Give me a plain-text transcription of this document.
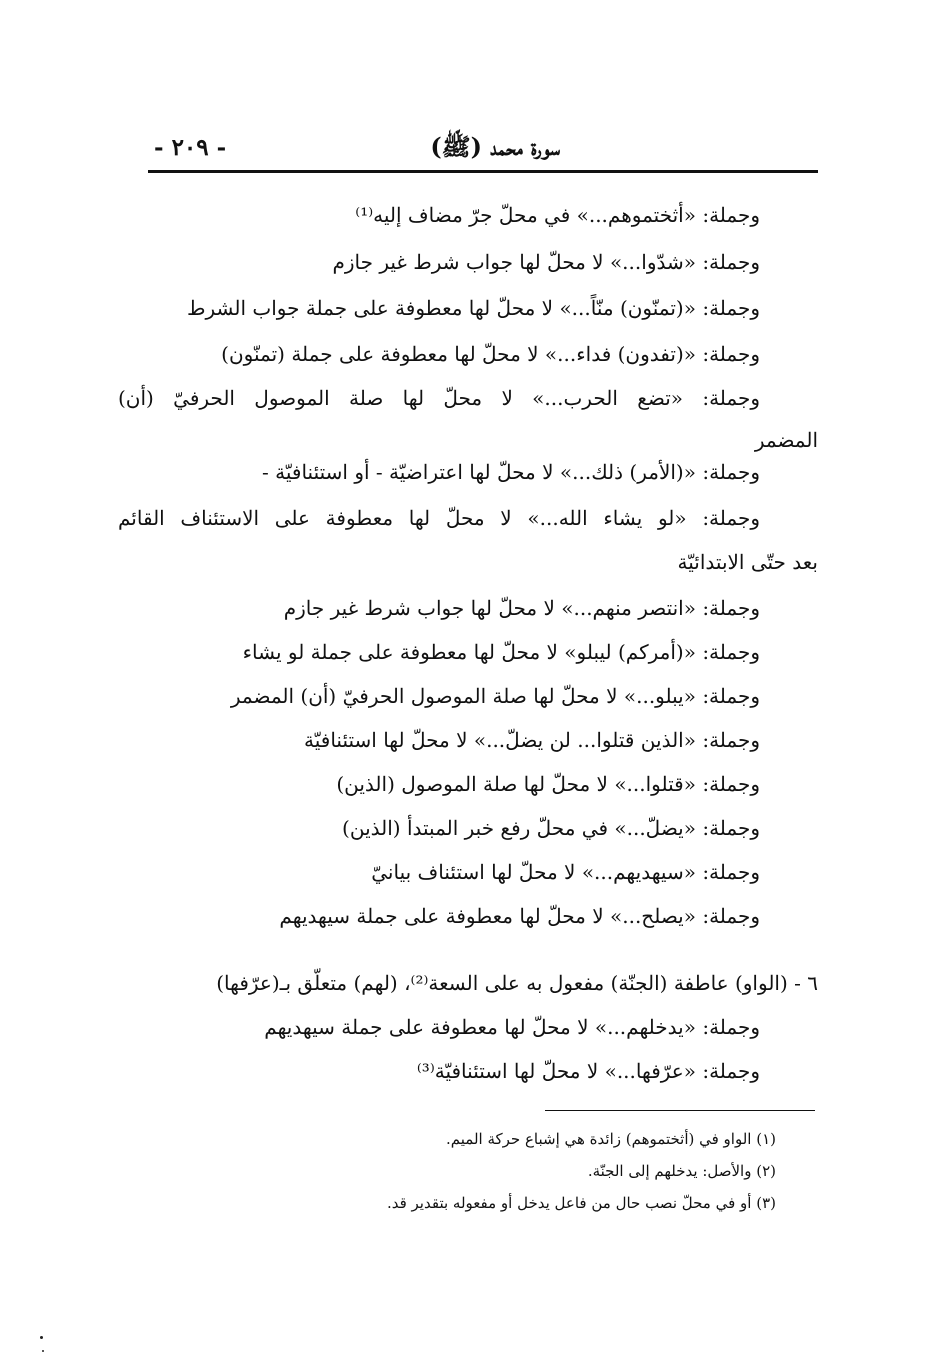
سورة محمد (ﷺ)
- ٢٠٩ -
وجملة: «أثختموهم...» في محلّ جرّ مضاف إليه⁽¹⁾
وجملة: «شدّوا...» لا محلّ لها جواب شرط غير جازم
وجملة: «(تمنّون) منّاً...» لا محلّ لها معطوفة على جملة جواب الشرط
وجملة: «(تفدون) فداء...» لا محلّ لها معطوفة على جملة (تمنّون)
وجملة: «تضع الحرب...» لا محلّ لها صلة الموصول الحرفيّ (أن)
المضمر
وجملة: «(الأمر) ذلك...» لا محلّ لها اعتراضيّة - أو استئنافيّة -
وجملة: «لو يشاء الله...» لا محلّ لها معطوفة على الاستئناف القائم
بعد حتّى الابتدائيّة
وجملة: «انتصر منهم...» لا محلّ لها جواب شرط غير جازم
وجملة: «(أمركم) ليبلو» لا محلّ لها معطوفة على جملة لو يشاء
وجملة: «يبلو...» لا محلّ لها صلة الموصول الحرفيّ (أن) المضمر
وجملة: «الذين قتلوا... لن يضلّ...» لا محلّ لها استئنافيّة
وجملة: «قتلوا...» لا محلّ لها صلة الموصول (الذين)
وجملة: «يضلّ...» في محلّ رفع خبر المبتدأ (الذين)
وجملة: «سيهديهم...» لا محلّ لها استئناف بيانيّ
وجملة: «يصلح...» لا محلّ لها معطوفة على جملة سيهديهم
٦ - (الواو) عاطفة (الجنّة) مفعول به على السعة⁽²⁾، (لهم) متعلّق بـ(عرّفها)
وجملة: «يدخلهم...» لا محلّ لها معطوفة على جملة سيهديهم
وجملة: «عرّفها...» لا محلّ لها استئنافيّة⁽³⁾
(١) الواو في (أثختموهم) زائدة هي إشباع حركة الميم.
(٢) والأصل: يدخلهم إلى الجنّة.
(٣) أو في محلّ نصب حال من فاعل يدخل أو مفعوله بتقدير قد.
